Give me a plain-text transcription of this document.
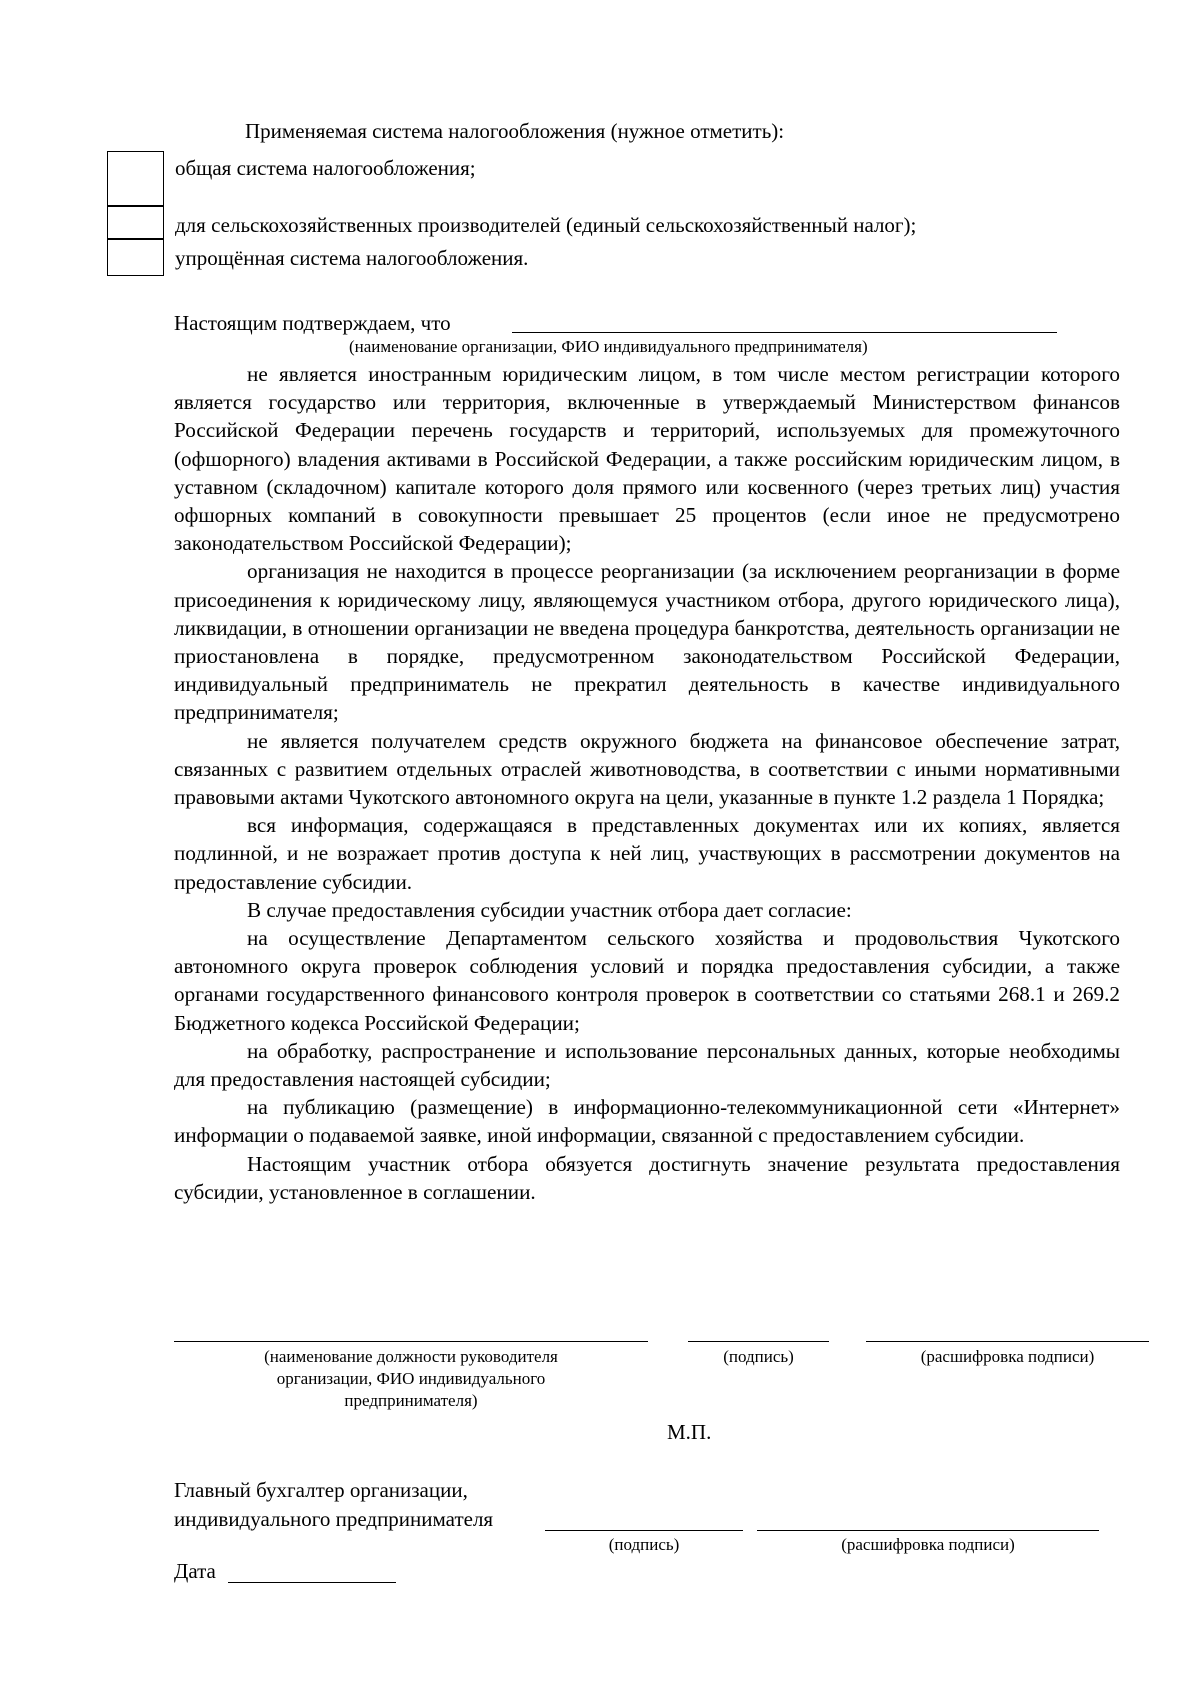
Применяемая система налогообложения (нужное отметить):
общая система налогообложения;
для сельскохозяйственных производителей (единый сельскохозяйственный налог);
упрощённая система налогообложения.
Настоящим подтверждаем, что
(наименование организации, ФИО индивидуального предпринимателя)

не является иностранным юридическим лицом, в том числе местом регистрации которого является государство или территория, включенные в утверждаемый Министерством финансов Российской Федерации перечень государств и территорий, используемых для промежуточного (офшорного) владения активами в Российской Федерации, а также российским юридическим лицом, в уставном (складочном) капитале которого доля прямого или косвенного (через третьих лиц) участия офшорных компаний в совокупности превышает 25 процентов (если иное не предусмотрено законодательством Российской Федерации);

организация не находится в процессе реорганизации (за исключением реорганизации в форме присоединения к юридическому лицу, являющемуся участником отбора, другого юридического лица), ликвидации, в отношении организации не введена процедура банкротства, деятельность организации не приостановлена в порядке, предусмотренном законодательством Российской Федерации, индивидуальный предприниматель не прекратил деятельность в качестве индивидуального предпринимателя;

не является получателем средств окружного бюджета на финансовое обеспечение затрат, связанных с развитием отдельных отраслей животноводства, в соответствии с иными нормативными правовыми актами Чукотского автономного округа на цели, указанные в пункте 1.2 раздела 1 Порядка;

вся информация, содержащаяся в представленных документах или их копиях, является подлинной, и не возражает против доступа к ней лиц, участвующих в рассмотрении документов на предоставление субсидии.

В случае предоставления субсидии участник отбора дает согласие:

на осуществление Департаментом сельского хозяйства и продовольствия Чукотского автономного округа проверок соблюдения условий и порядка предоставления субсидии, а также органами государственного финансового контроля проверок в соответствии со статьями 268.1 и 269.2 Бюджетного кодекса Российской Федерации;

на обработку, распространение и использование персональных данных, которые необходимы для предоставления настоящей субсидии;

на публикацию (размещение) в информационно-телекоммуникационной сети «Интернет» информации о подаваемой заявке, иной информации, связанной с предоставлением субсидии.

Настоящим участник отбора обязуется достигнуть значение результата предоставления субсидии, установленное в соглашении.

(наименование должности руководителя
организации, ФИО индивидуального
предпринимателя)
(подпись)	(расшифровка подписи)
М.П.
Главный бухгалтер организации,
индивидуального предпринимателя
(подпись)	(расшифровка подписи)
Дата
